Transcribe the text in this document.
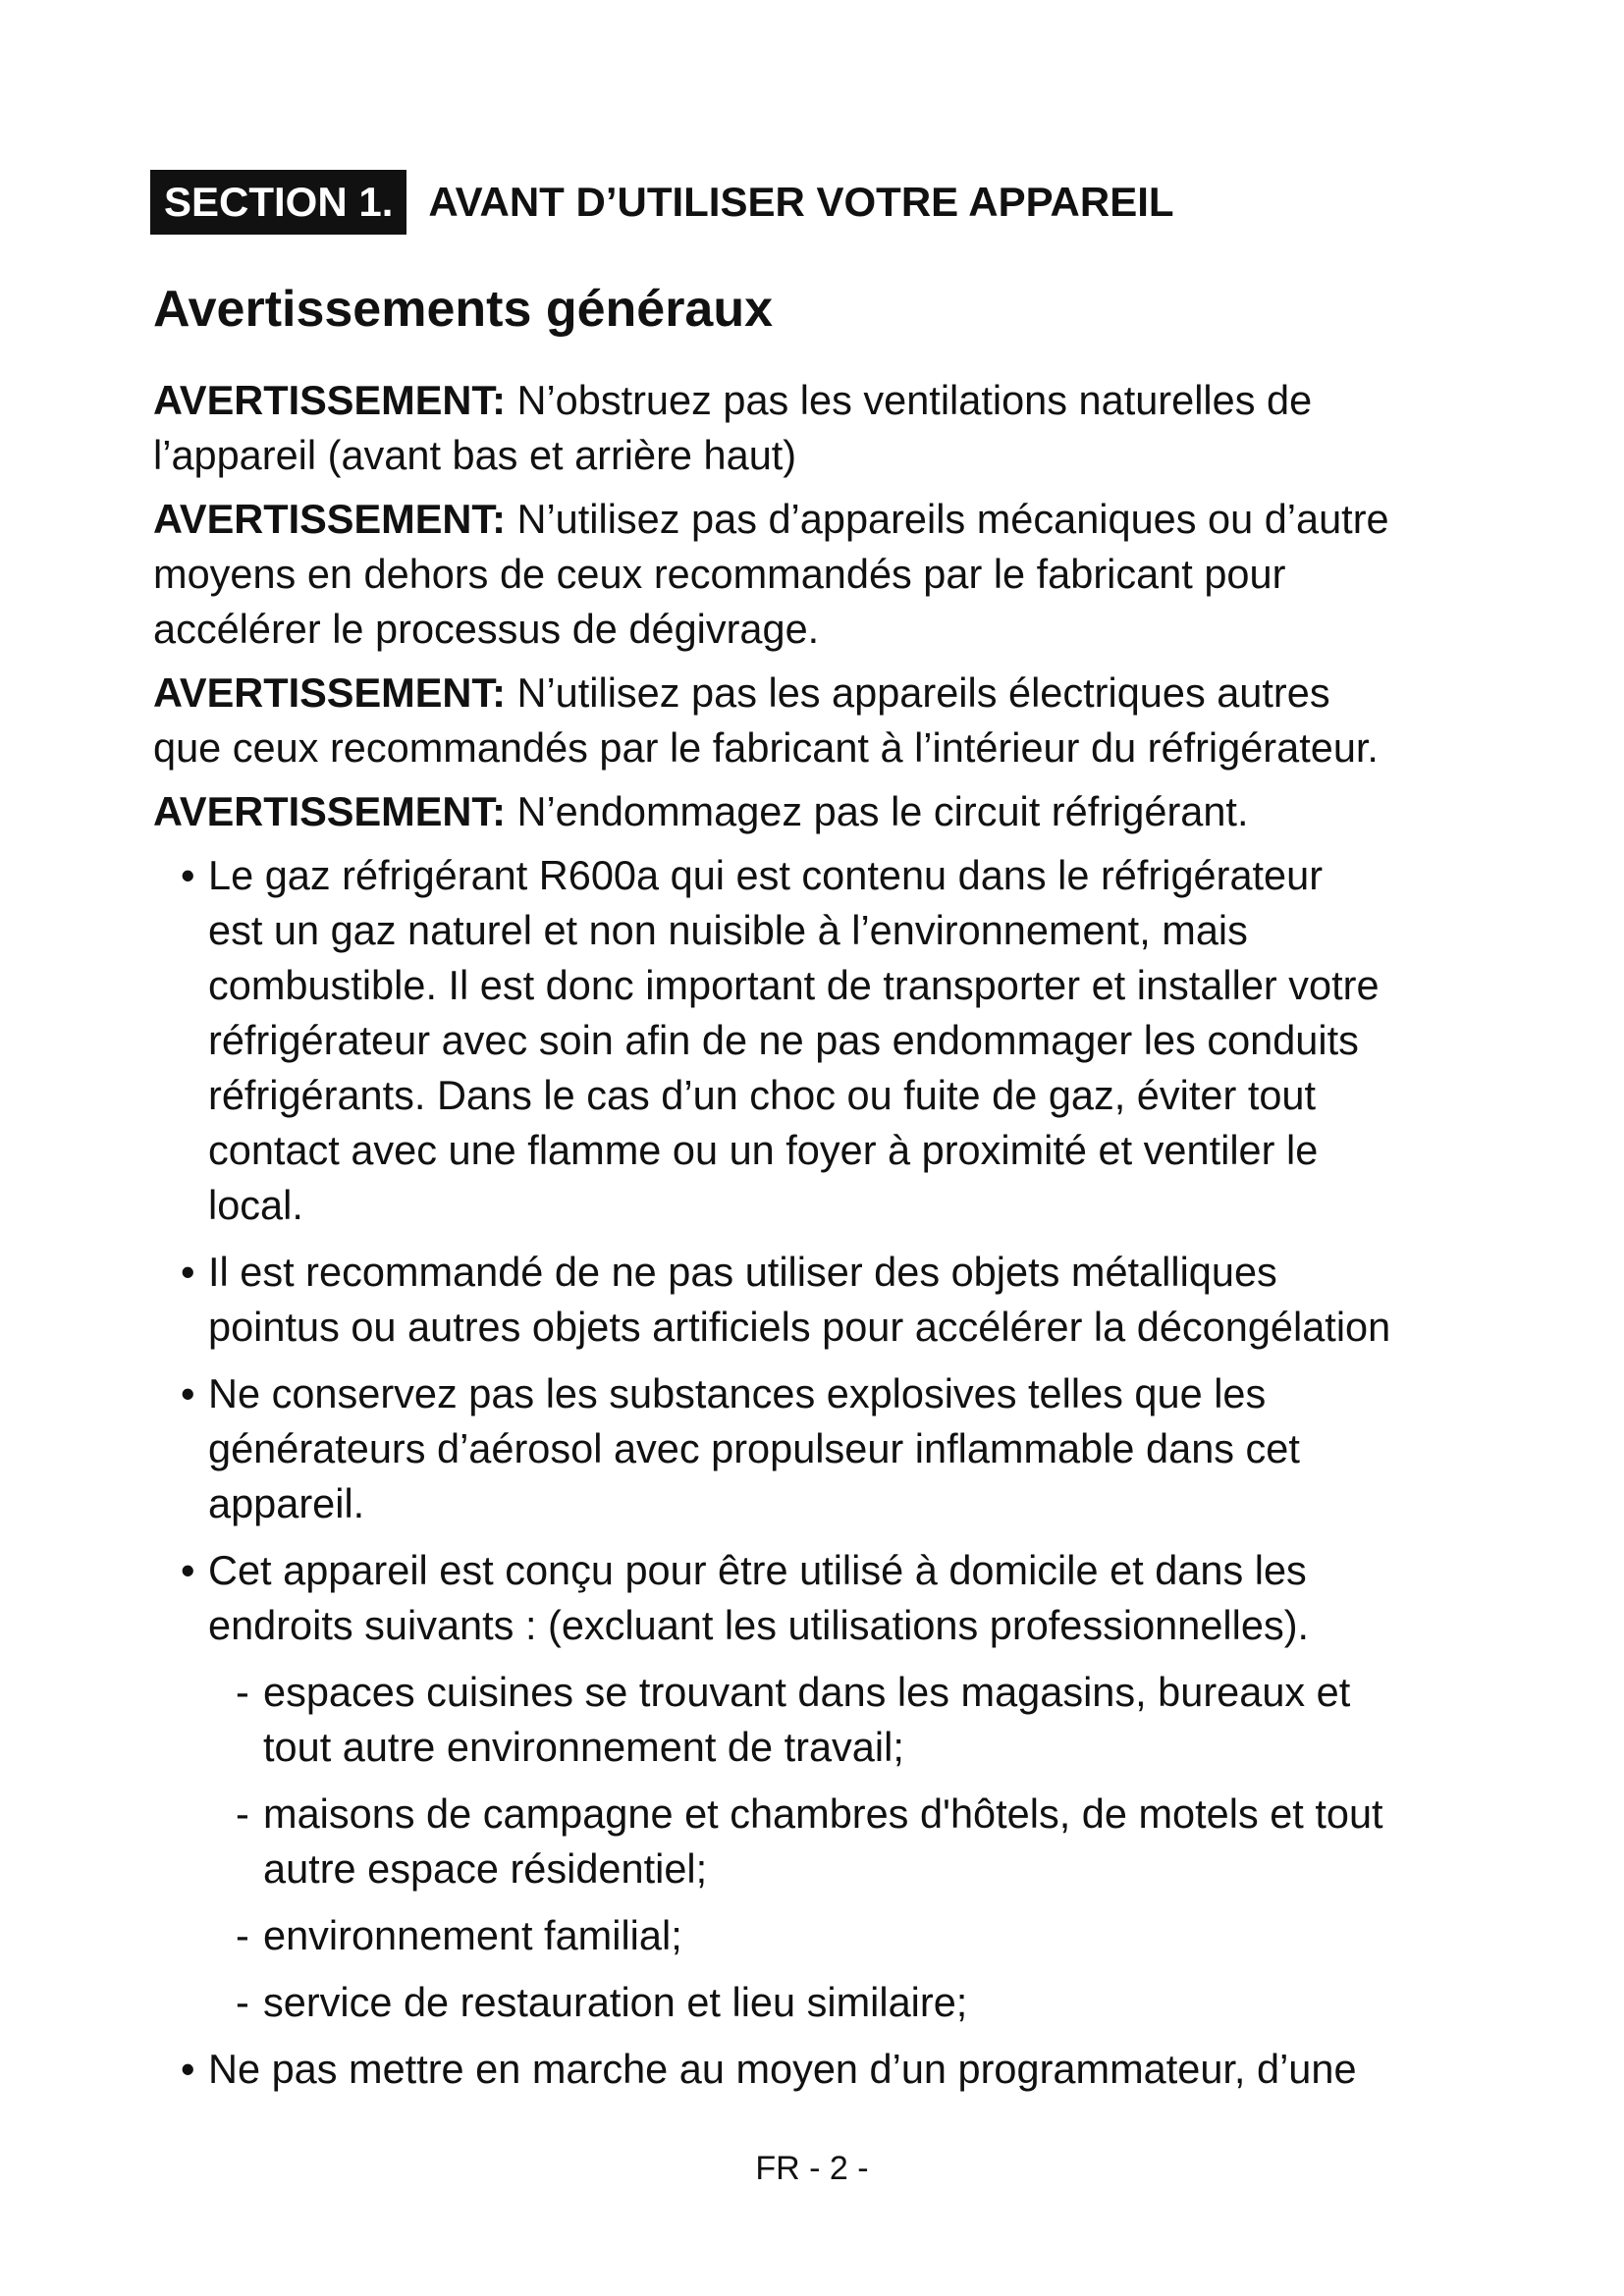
SECTION 1. AVANT D’UTILISER VOTRE APPAREIL
Avertissements généraux
AVERTISSEMENT: N’obstruez pas les ventilations naturelles de
l’appareil (avant bas et arrière haut)
AVERTISSEMENT: N’utilisez pas d’appareils mécaniques ou d’autre
moyens en dehors de ceux recommandés par le fabricant pour
accélérer le processus de dégivrage.
AVERTISSEMENT: N’utilisez pas les appareils électriques autres
que ceux recommandés par le fabricant à l’intérieur du réfrigérateur.
AVERTISSEMENT: N’endommagez pas le circuit réfrigérant.
• Le gaz réfrigérant R600a qui est contenu dans le réfrigérateur
est un gaz naturel et non nuisible à l’environnement, mais
combustible. Il est donc important de transporter et installer votre
réfrigérateur avec soin afin de ne pas endommager les conduits
réfrigérants. Dans le cas d’un choc ou fuite de gaz, éviter tout
contact avec une flamme ou un foyer à proximité et ventiler le
local.
• Il est recommandé de ne pas utiliser des objets métalliques
pointus ou autres objets artificiels pour accélérer la décongélation
• Ne conservez pas les substances explosives telles que les
générateurs d’aérosol avec propulseur inflammable dans cet
appareil.
• Cet appareil est conçu pour être utilisé à domicile et dans les
endroits suivants : (excluant les utilisations professionnelles).
- espaces cuisines se trouvant dans les magasins, bureaux et
tout autre environnement de travail;
- maisons de campagne et chambres d'hôtels, de motels et tout
autre espace résidentiel;
- environnement familial;
- service de restauration et lieu similaire;
• Ne pas mettre en marche au moyen d’un programmateur, d’une
FR - 2 -
